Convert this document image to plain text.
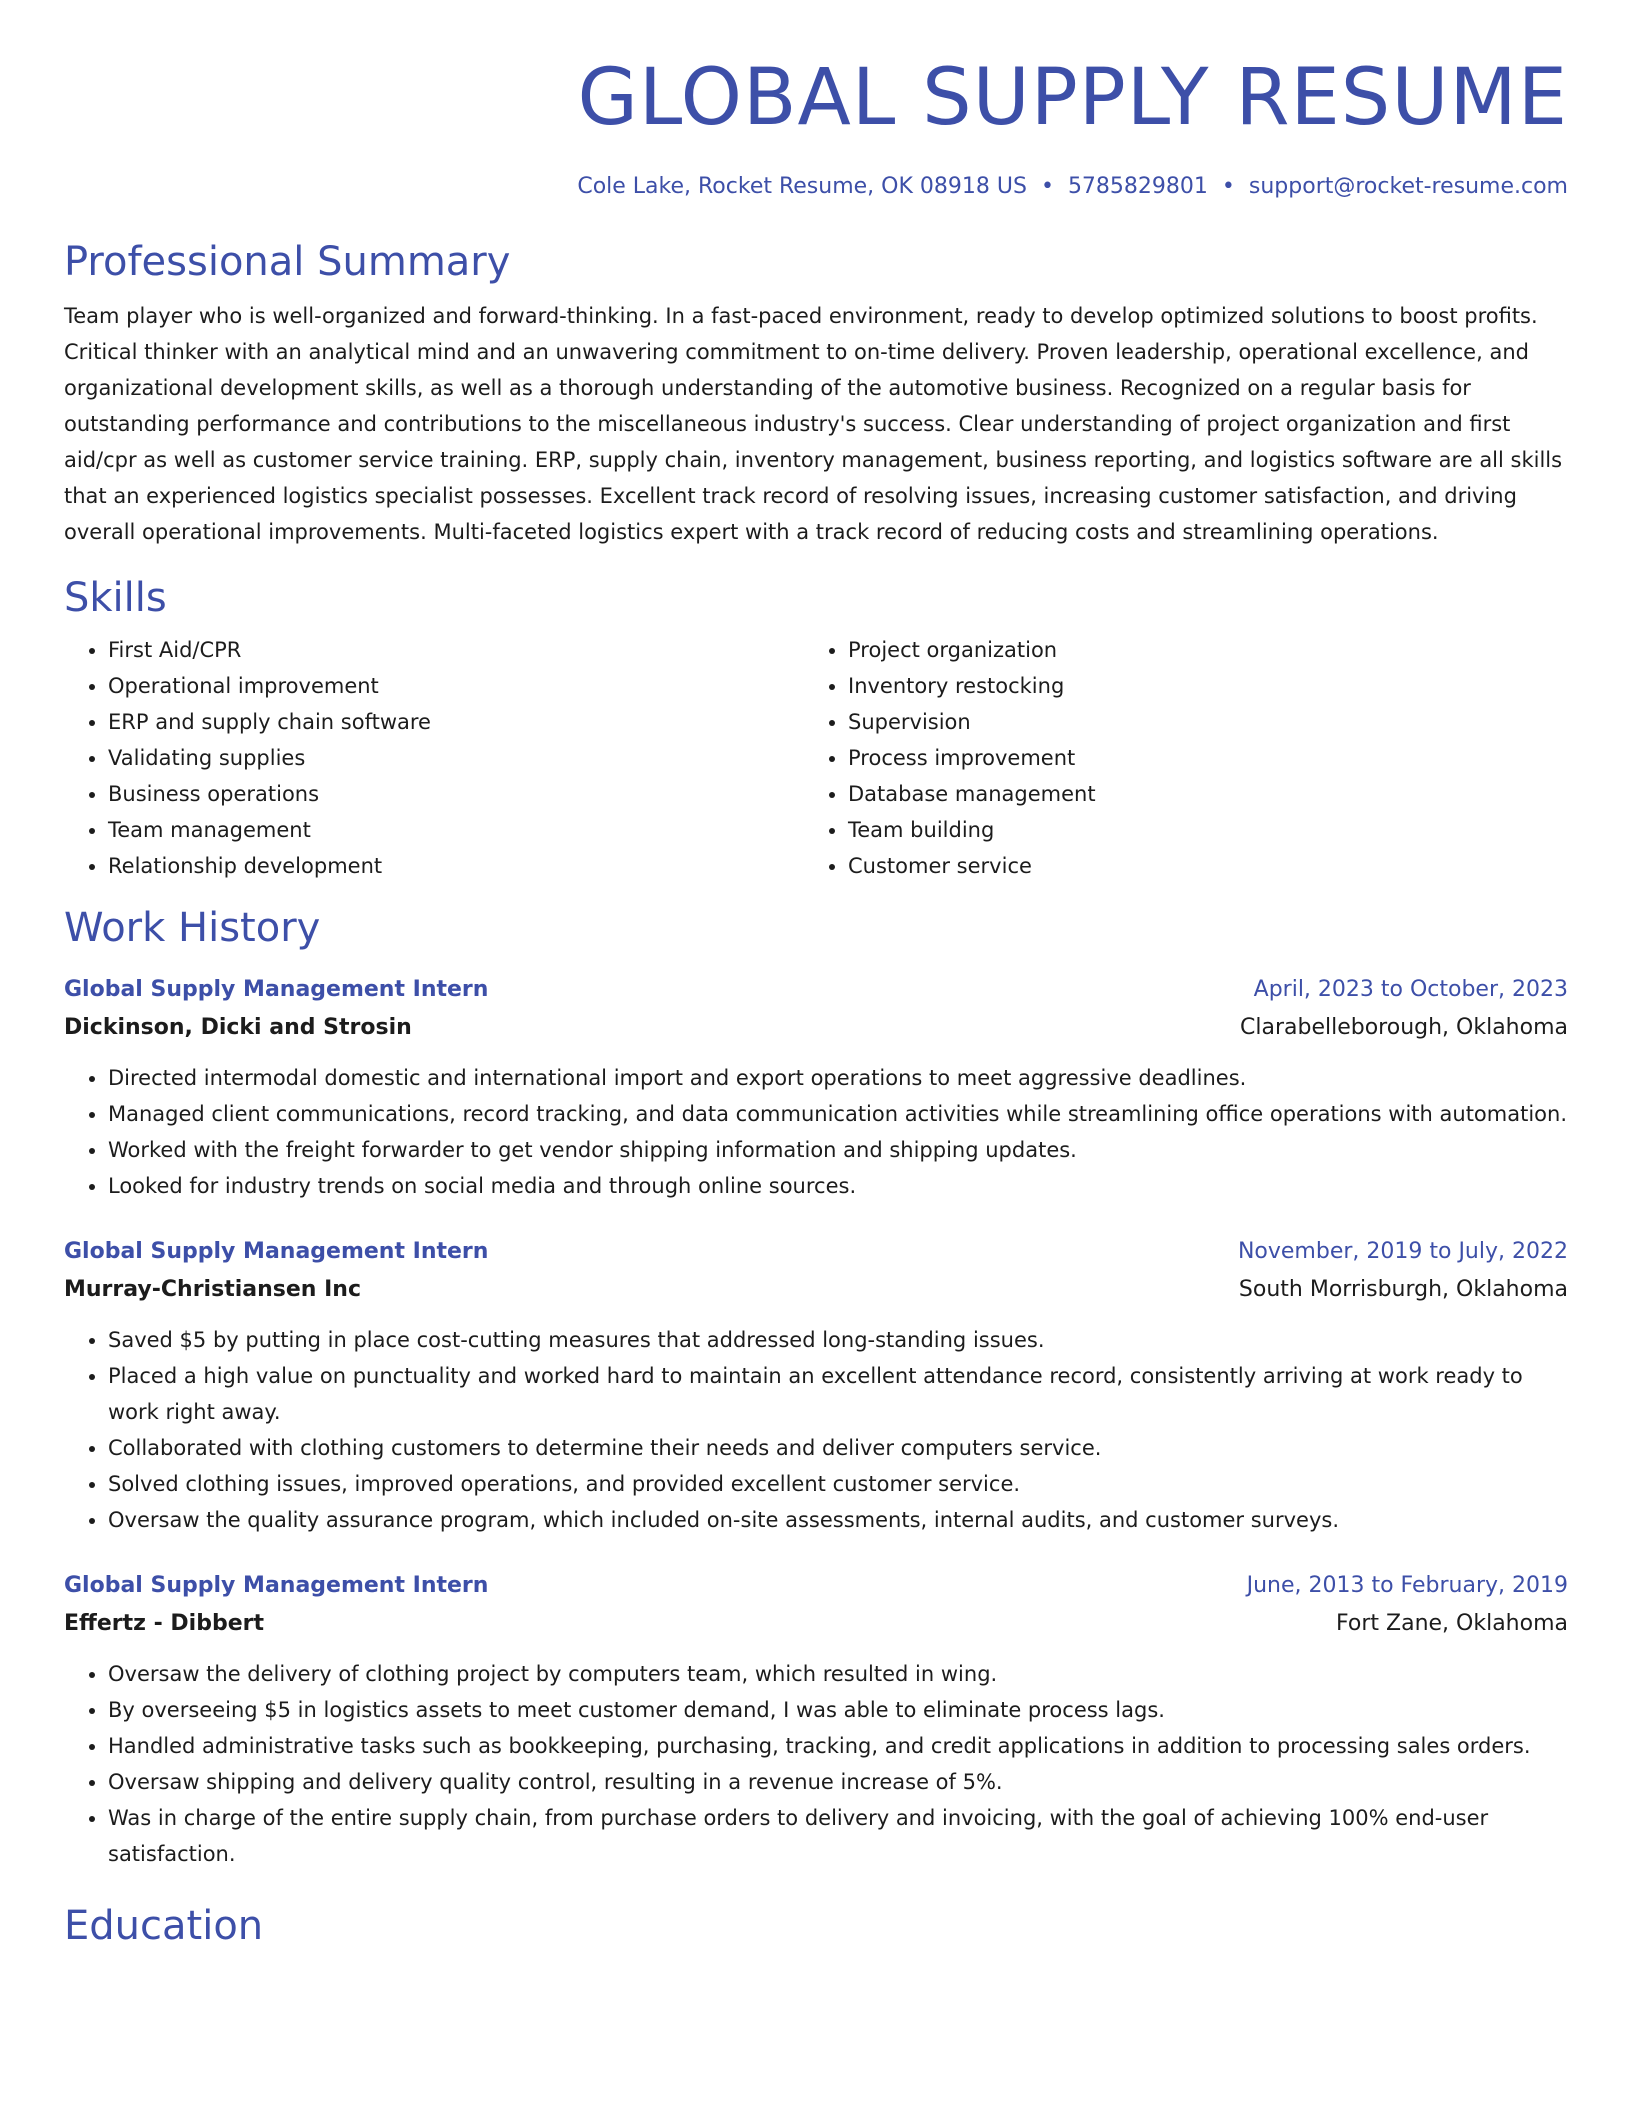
GLOBAL SUPPLY RESUME
Cole Lake, Rocket Resume, OK 08918 US • 5785829801 • support@rocket-resume.com
Professional Summary

Team player who is well-organized and forward-thinking. In a fast-paced environment, ready to develop optimized solutions to boost profits. Critical thinker with an analytical mind and an unwavering commitment to on-time delivery. Proven leadership, operational excellence, and organizational development skills, as well as a thorough understanding of the automotive business. Recognized on a regular basis for outstanding performance and contributions to the miscellaneous industry's success. Clear understanding of project organization and first aid/cpr as well as customer service training. ERP, supply chain, inventory management, business reporting, and logistics software are all skills that an experienced logistics specialist possesses. Excellent track record of resolving issues, increasing customer satisfaction, and driving overall operational improvements. Multi-faceted logistics expert with a track record of reducing costs and streamlining operations.

Skills
• First Aid/CPR
• Operational improvement
• ERP and supply chain software
• Validating supplies
• Business operations
• Team management
• Relationship development
• Project organization
• Inventory restocking
• Supervision
• Process improvement
• Database management
• Team building
• Customer service
Work History
Global Supply Management Intern	April, 2023 to October, 2023
Dickinson, Dicki and Strosin	Clarabelleborough, Oklahoma
• Directed intermodal domestic and international import and export operations to meet aggressive deadlines.
• Managed client communications, record tracking, and data communication activities while streamlining office operations with automation.
• Worked with the freight forwarder to get vendor shipping information and shipping updates.
• Looked for industry trends on social media and through online sources.
Global Supply Management Intern	November, 2019 to July, 2022
Murray-Christiansen Inc	South Morrisburgh, Oklahoma
• Saved $5 by putting in place cost-cutting measures that addressed long-standing issues.
• Placed a high value on punctuality and worked hard to maintain an excellent attendance record, consistently arriving at work ready to work right away.
• Collaborated with clothing customers to determine their needs and deliver computers service.
• Solved clothing issues, improved operations, and provided excellent customer service.
• Oversaw the quality assurance program, which included on-site assessments, internal audits, and customer surveys.
Global Supply Management Intern	June, 2013 to February, 2019
Effertz - Dibbert	Fort Zane, Oklahoma
• Oversaw the delivery of clothing project by computers team, which resulted in wing.
• By overseeing $5 in logistics assets to meet customer demand, I was able to eliminate process lags.
• Handled administrative tasks such as bookkeeping, purchasing, tracking, and credit applications in addition to processing sales orders.
• Oversaw shipping and delivery quality control, resulting in a revenue increase of 5%.
• Was in charge of the entire supply chain, from purchase orders to delivery and invoicing, with the goal of achieving 100% end-user satisfaction.
Education
